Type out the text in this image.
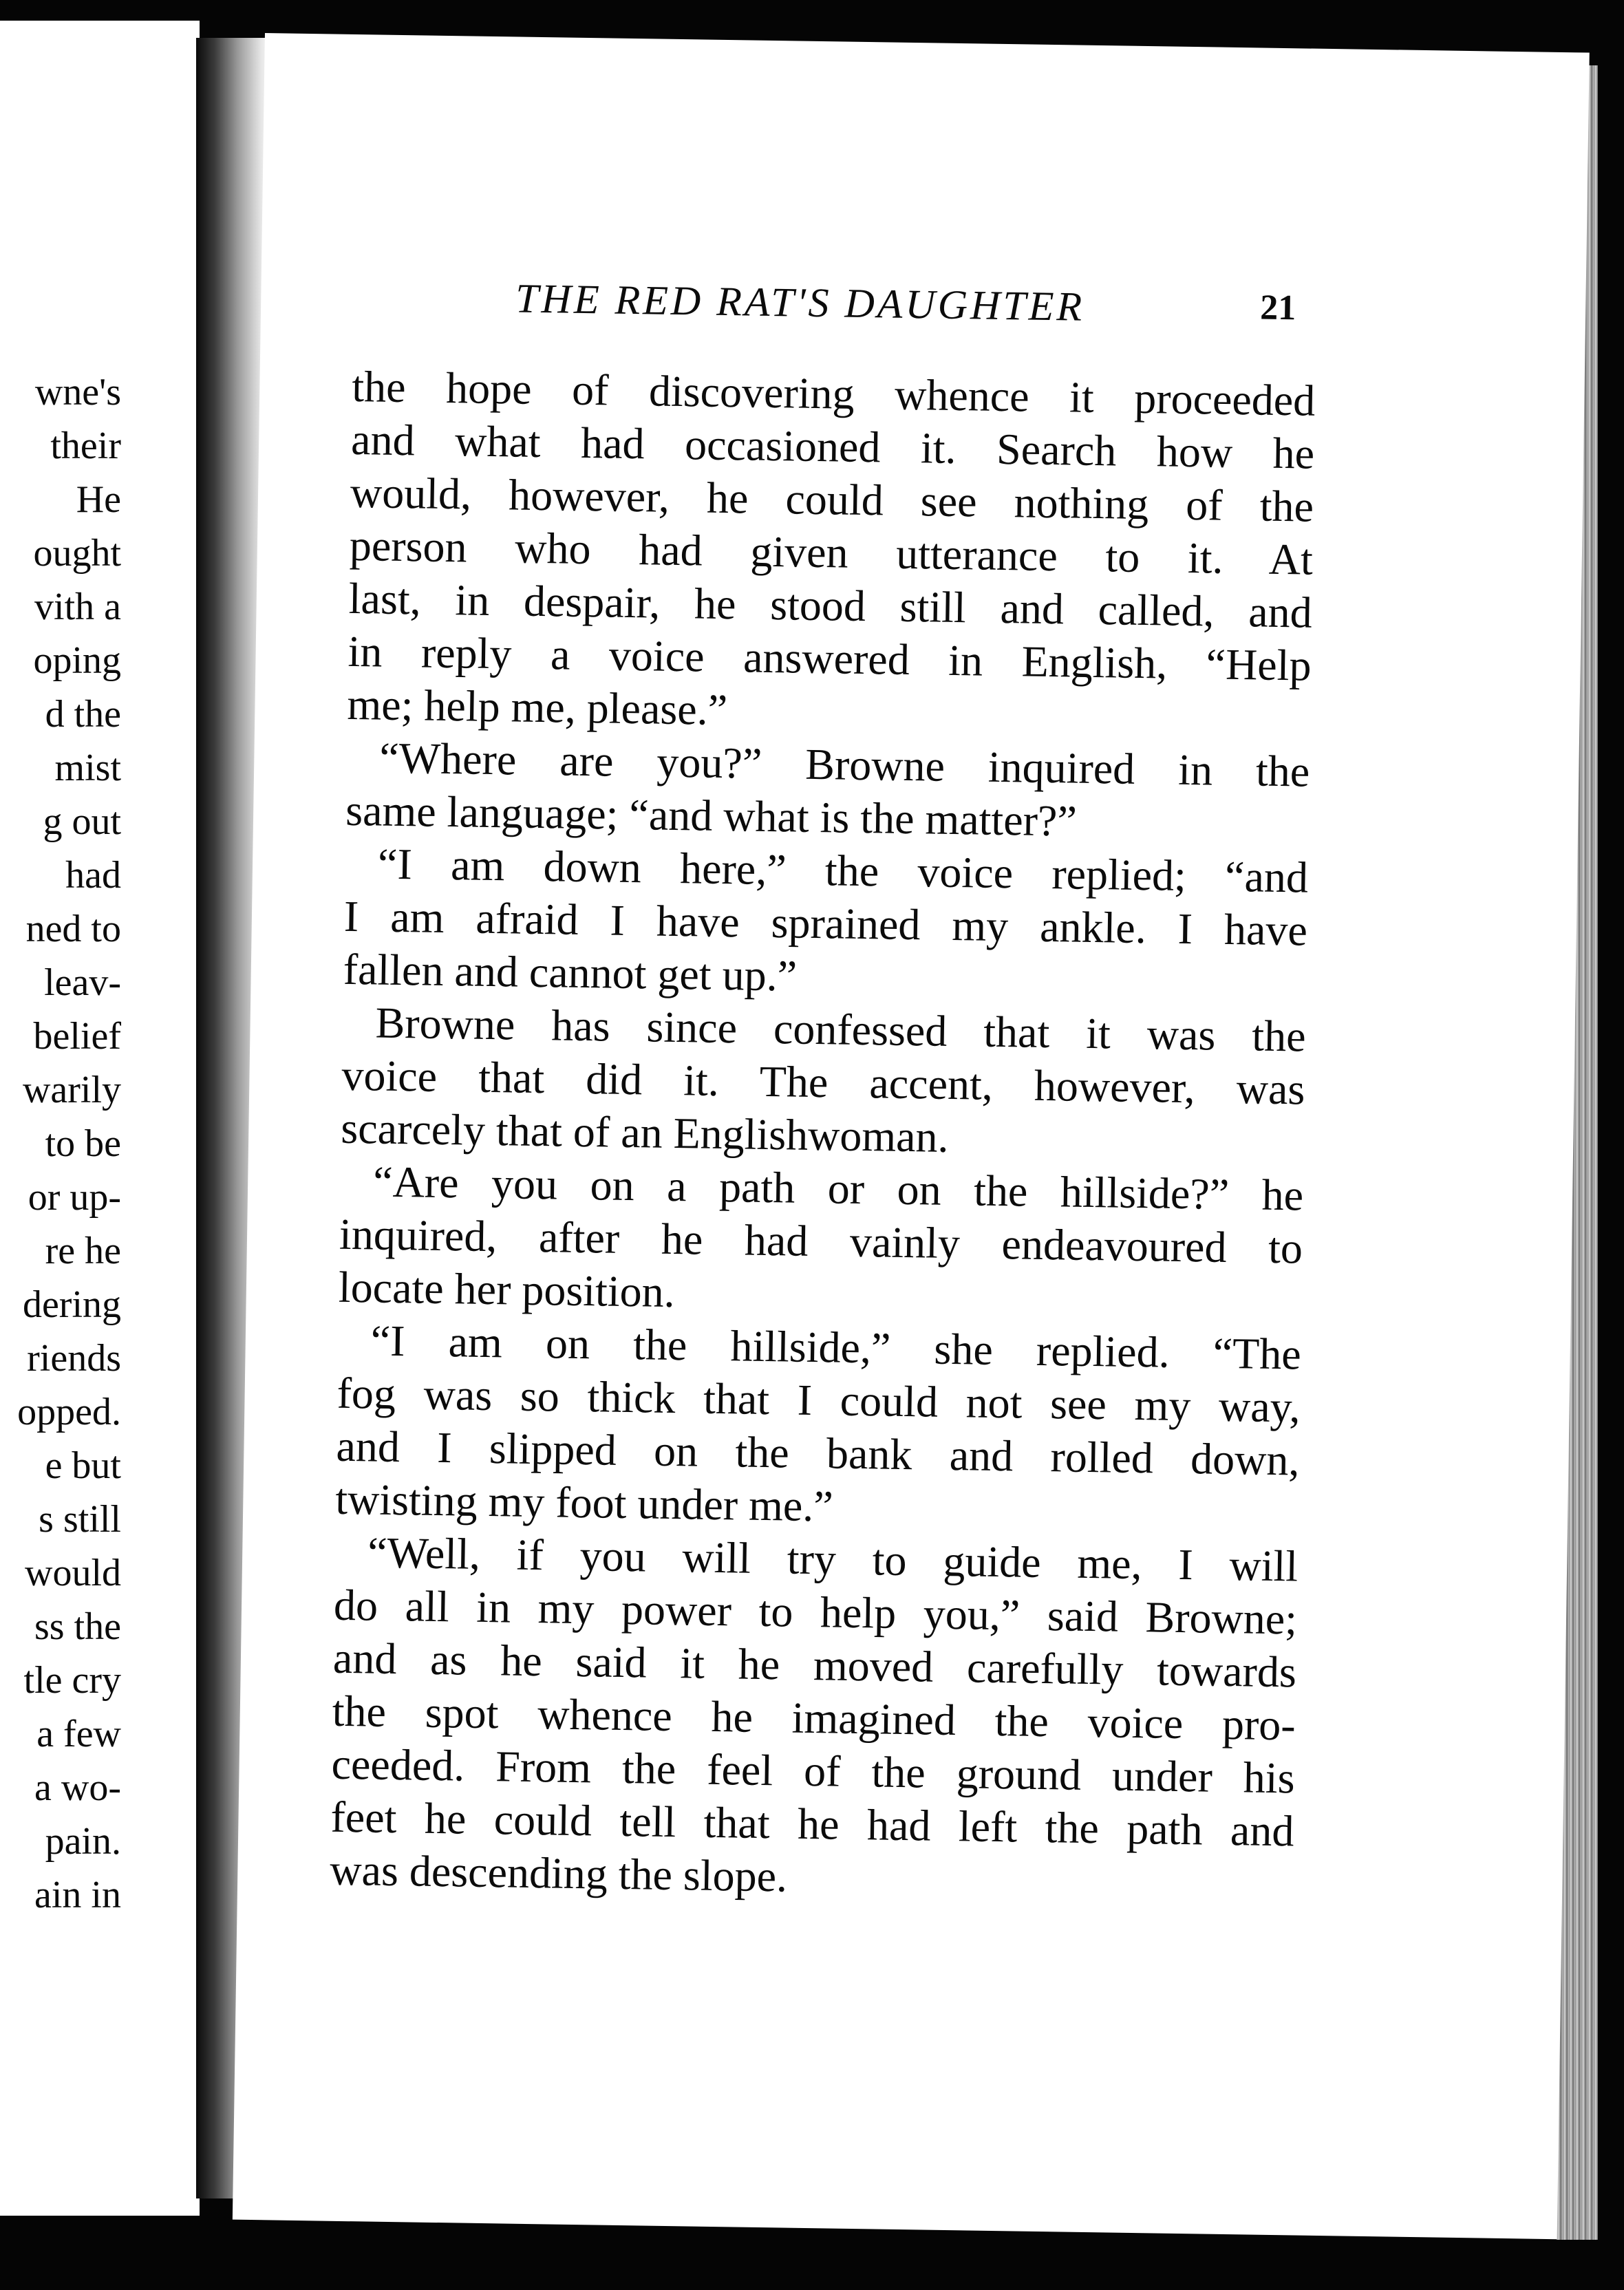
wne's
their
He
ought
vith a
oping
d the
mist
g out
had
ned to
leav-
belief
warily
to be
or up-
re he
dering
riends
opped.
e but
s still
would
ss the
tle cry
a few
a wo-
pain.
ain in
THE RED RAT'S DAUGHTER	21
the hope of discovering whence it proceeded
and what had occasioned it. Search how he
would, however, he could see nothing of the
person who had given utterance to it. At
last, in despair, he stood still and called, and
in reply a voice answered in English, “Help
me; help me, please.”
“Where are you?” Browne inquired in the
same language; “and what is the matter?”
“I am down here,” the voice replied; “and
I am afraid I have sprained my ankle. I have
fallen and cannot get up.”
Browne has since confessed that it was the
voice that did it. The accent, however, was
scarcely that of an Englishwoman.
“Are you on a path or on the hillside?” he
inquired, after he had vainly endeavoured to
locate her position.
“I am on the hillside,” she replied. “The
fog was so thick that I could not see my way,
and I slipped on the bank and rolled down,
twisting my foot under me.”
“Well, if you will try to guide me, I will
do all in my power to help you,” said Browne;
and as he said it he moved carefully towards
the spot whence he imagined the voice pro-
ceeded. From the feel of the ground under his
feet he could tell that he had left the path and
was descending the slope.
